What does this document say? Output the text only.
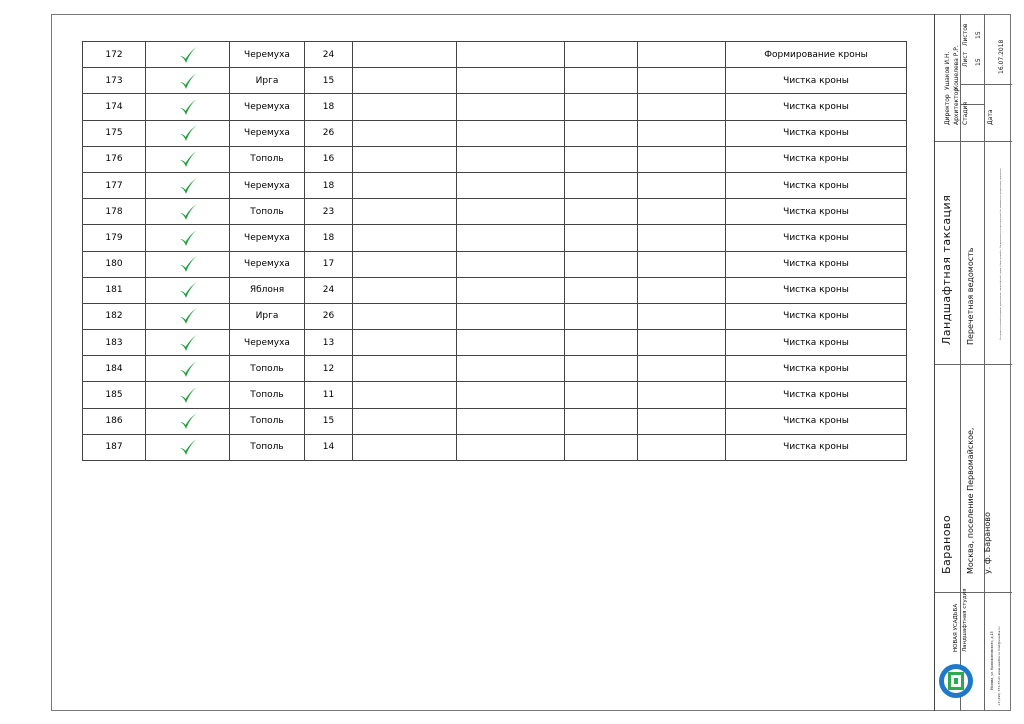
172		Черемуха	24					Формирование кроны
173		Ирга	15					Чистка кроны
174		Черемуха	18					Чистка кроны
175		Черемуха	26					Чистка кроны
176		Тополь	16					Чистка кроны
177		Черемуха	18					Чистка кроны
178		Тополь	23					Чистка кроны
179		Черемуха	18					Чистка кроны
180		Черемуха	17					Чистка кроны
181		Яблоня	24					Чистка кроны
182		Ирга	26					Чистка кроны
183		Черемуха	13					Чистка кроны
184		Тополь	12					Чистка кроны
185		Тополь	11					Чистка кроны
186		Тополь	15					Чистка кроны
187		Тополь	14					Чистка кроны
Директор
Ушаков И.Н.
Архитектор
Кошелева Р.Р.
Стадия
Лист
Листов
15
15
Дата
16.07.2018
Ландшафтная таксация Перечетная ведомость	Все права на данный документ принадлежат ландшафтной студии «Новая усадьба». Копирование и распространение без письменного разрешения запрещено.
Бараново Москва, поселение Первомайское, у. ф. Бараново
НОВАЯ УСАДЬБА Ландшафтная студия
Москва, ул. Кржижановского, д.15 +7 (495) 771-77-21 www.usadba.ru mail@usadba.ru
